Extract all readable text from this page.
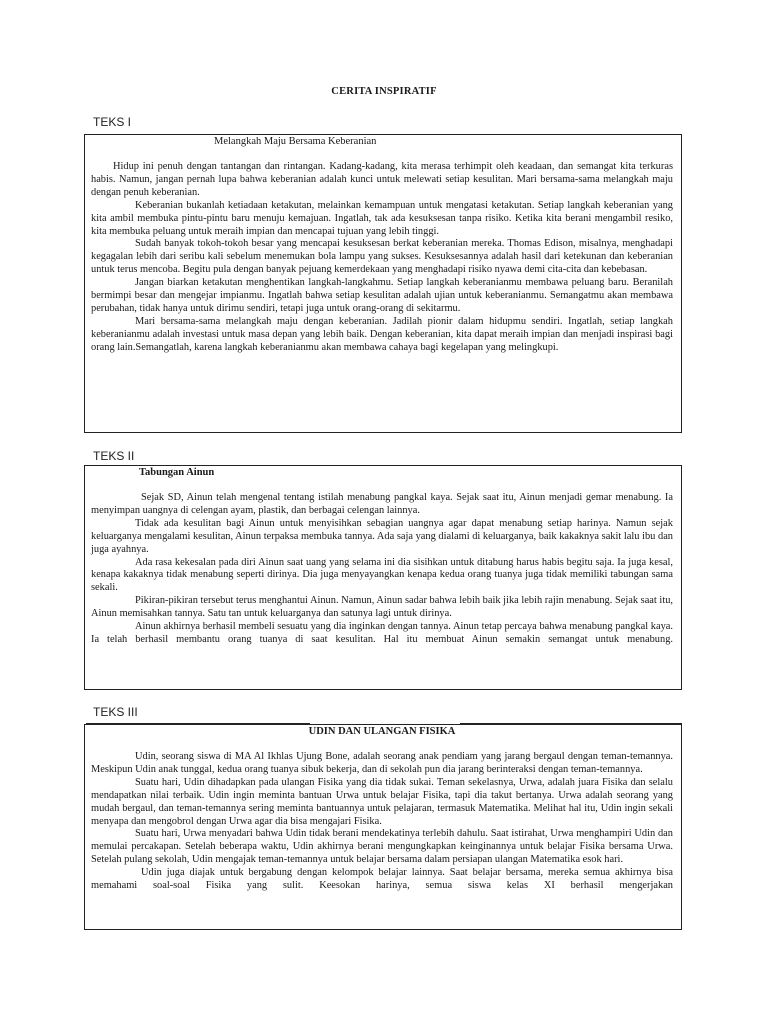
CERITA INSPIRATIF
TEKS I
Melangkah Maju Bersama Keberanian

Hidup ini penuh dengan tantangan dan rintangan. Kadang-kadang, kita merasa terhimpit oleh keadaan, dan semangat kita terkuras habis. Namun, jangan pernah lupa bahwa keberanian adalah kunci untuk melewati setiap kesulitan. Mari bersama-sama melangkah maju dengan penuh keberanian.

Keberanian bukanlah ketiadaan ketakutan, melainkan kemampuan untuk mengatasi ketakutan. Setiap langkah keberanian yang kita ambil membuka pintu-pintu baru menuju kemajuan. Ingatlah, tak ada kesuksesan tanpa risiko. Ketika kita berani mengambil resiko, kita membuka peluang untuk meraih impian dan mencapai tujuan yang lebih tinggi.

Sudah banyak tokoh-tokoh besar yang mencapai kesuksesan berkat keberanian mereka. Thomas Edison, misalnya, menghadapi kegagalan lebih dari seribu kali sebelum menemukan bola lampu yang sukses. Kesuksesannya adalah hasil dari ketekunan dan keberanian untuk terus mencoba. Begitu pula dengan banyak pejuang kemerdekaan yang menghadapi risiko nyawa demi cita-cita dan kebebasan.

Jangan biarkan ketakutan menghentikan langkah-langkahmu. Setiap langkah keberanianmu membawa peluang baru. Beranilah bermimpi besar dan mengejar impianmu. Ingatlah bahwa setiap kesulitan adalah ujian untuk keberanianmu. Semangatmu akan membawa perubahan, tidak hanya untuk dirimu sendiri, tetapi juga untuk orang-orang di sekitarmu.

Mari bersama-sama melangkah maju dengan keberanian. Jadilah pionir dalam hidupmu sendiri. Ingatlah, setiap langkah keberanianmu adalah investasi untuk masa depan yang lebih baik. Dengan keberanian, kita dapat meraih impian dan menjadi inspirasi bagi orang lain.Semangatlah, karena langkah keberanianmu akan membawa cahaya bagi kegelapan yang melingkupi.

TEKS II
Tabungan Ainun

Sejak SD, Ainun telah mengenal tentang istilah menabung pangkal kaya. Sejak saat itu, Ainun menjadi gemar menabung. Ia menyimpan uangnya di celengan ayam, plastik, dan berbagai celengan lainnya.

Tidak ada kesulitan bagi Ainun untuk menyisihkan sebagian uangnya agar dapat menabung setiap harinya. Namun sejak keluarganya mengalami kesulitan, Ainun terpaksa membuka tannya. Ada saja yang dialami di keluarganya, baik kakaknya sakit lalu ibu dan juga ayahnya.

Ada rasa kekesalan pada diri Ainun saat uang yang selama ini dia sisihkan untuk ditabung harus habis begitu saja. Ia juga kesal, kenapa kakaknya tidak menabung seperti dirinya. Dia juga menyayangkan kenapa kedua orang tuanya juga tidak memiliki tabungan sama sekali.

Pikiran-pikiran tersebut terus menghantui Ainun. Namun, Ainun sadar bahwa lebih baik jika lebih rajin menabung. Sejak saat itu, Ainun memisahkan tannya. Satu tan untuk keluarganya dan satunya lagi untuk dirinya.

Ainun akhirnya berhasil membeli sesuatu yang dia inginkan dengan tannya. Ainun tetap percaya bahwa menabung pangkal kaya. Ia telah berhasil membantu orang tuanya di saat kesulitan. Hal itu membuat Ainun semakin semangat untuk menabung.

TEKS III
UDIN DAN ULANGAN FISIKA

Udin, seorang siswa di MA Al Ikhlas Ujung Bone, adalah seorang anak pendiam yang jarang bergaul dengan teman-temannya. Meskipun Udin anak tunggal, kedua orang tuanya sibuk bekerja, dan di sekolah pun dia jarang berinteraksi dengan teman-temannya.

Suatu hari, Udin dihadapkan pada ulangan Fisika yang dia tidak sukai. Teman sekelasnya, Urwa, adalah juara Fisika dan selalu mendapatkan nilai terbaik. Udin ingin meminta bantuan Urwa untuk belajar Fisika, tapi dia takut bertanya. Urwa adalah seorang yang mudah bergaul, dan teman-temannya sering meminta bantuannya untuk pelajaran, termasuk Matematika. Melihat hal itu, Udin ingin sekali menyapa dan mengobrol dengan Urwa agar dia bisa mengajari Fisika.

Suatu hari, Urwa menyadari bahwa Udin tidak berani mendekatinya terlebih dahulu. Saat istirahat, Urwa menghampiri Udin dan memulai percakapan. Setelah beberapa waktu, Udin akhirnya berani mengungkapkan keinginannya untuk belajar Fisika bersama Urwa. Setelah pulang sekolah, Udin mengajak teman-temannya untuk belajar bersama dalam persiapan ulangan Matematika esok hari.

Udin juga diajak untuk bergabung dengan kelompok belajar lainnya. Saat belajar bersama, mereka semua akhirnya bisa memahami soal-soal Fisika yang sulit. Keesokan harinya, semua siswa kelas XI berhasil mengerjakan
